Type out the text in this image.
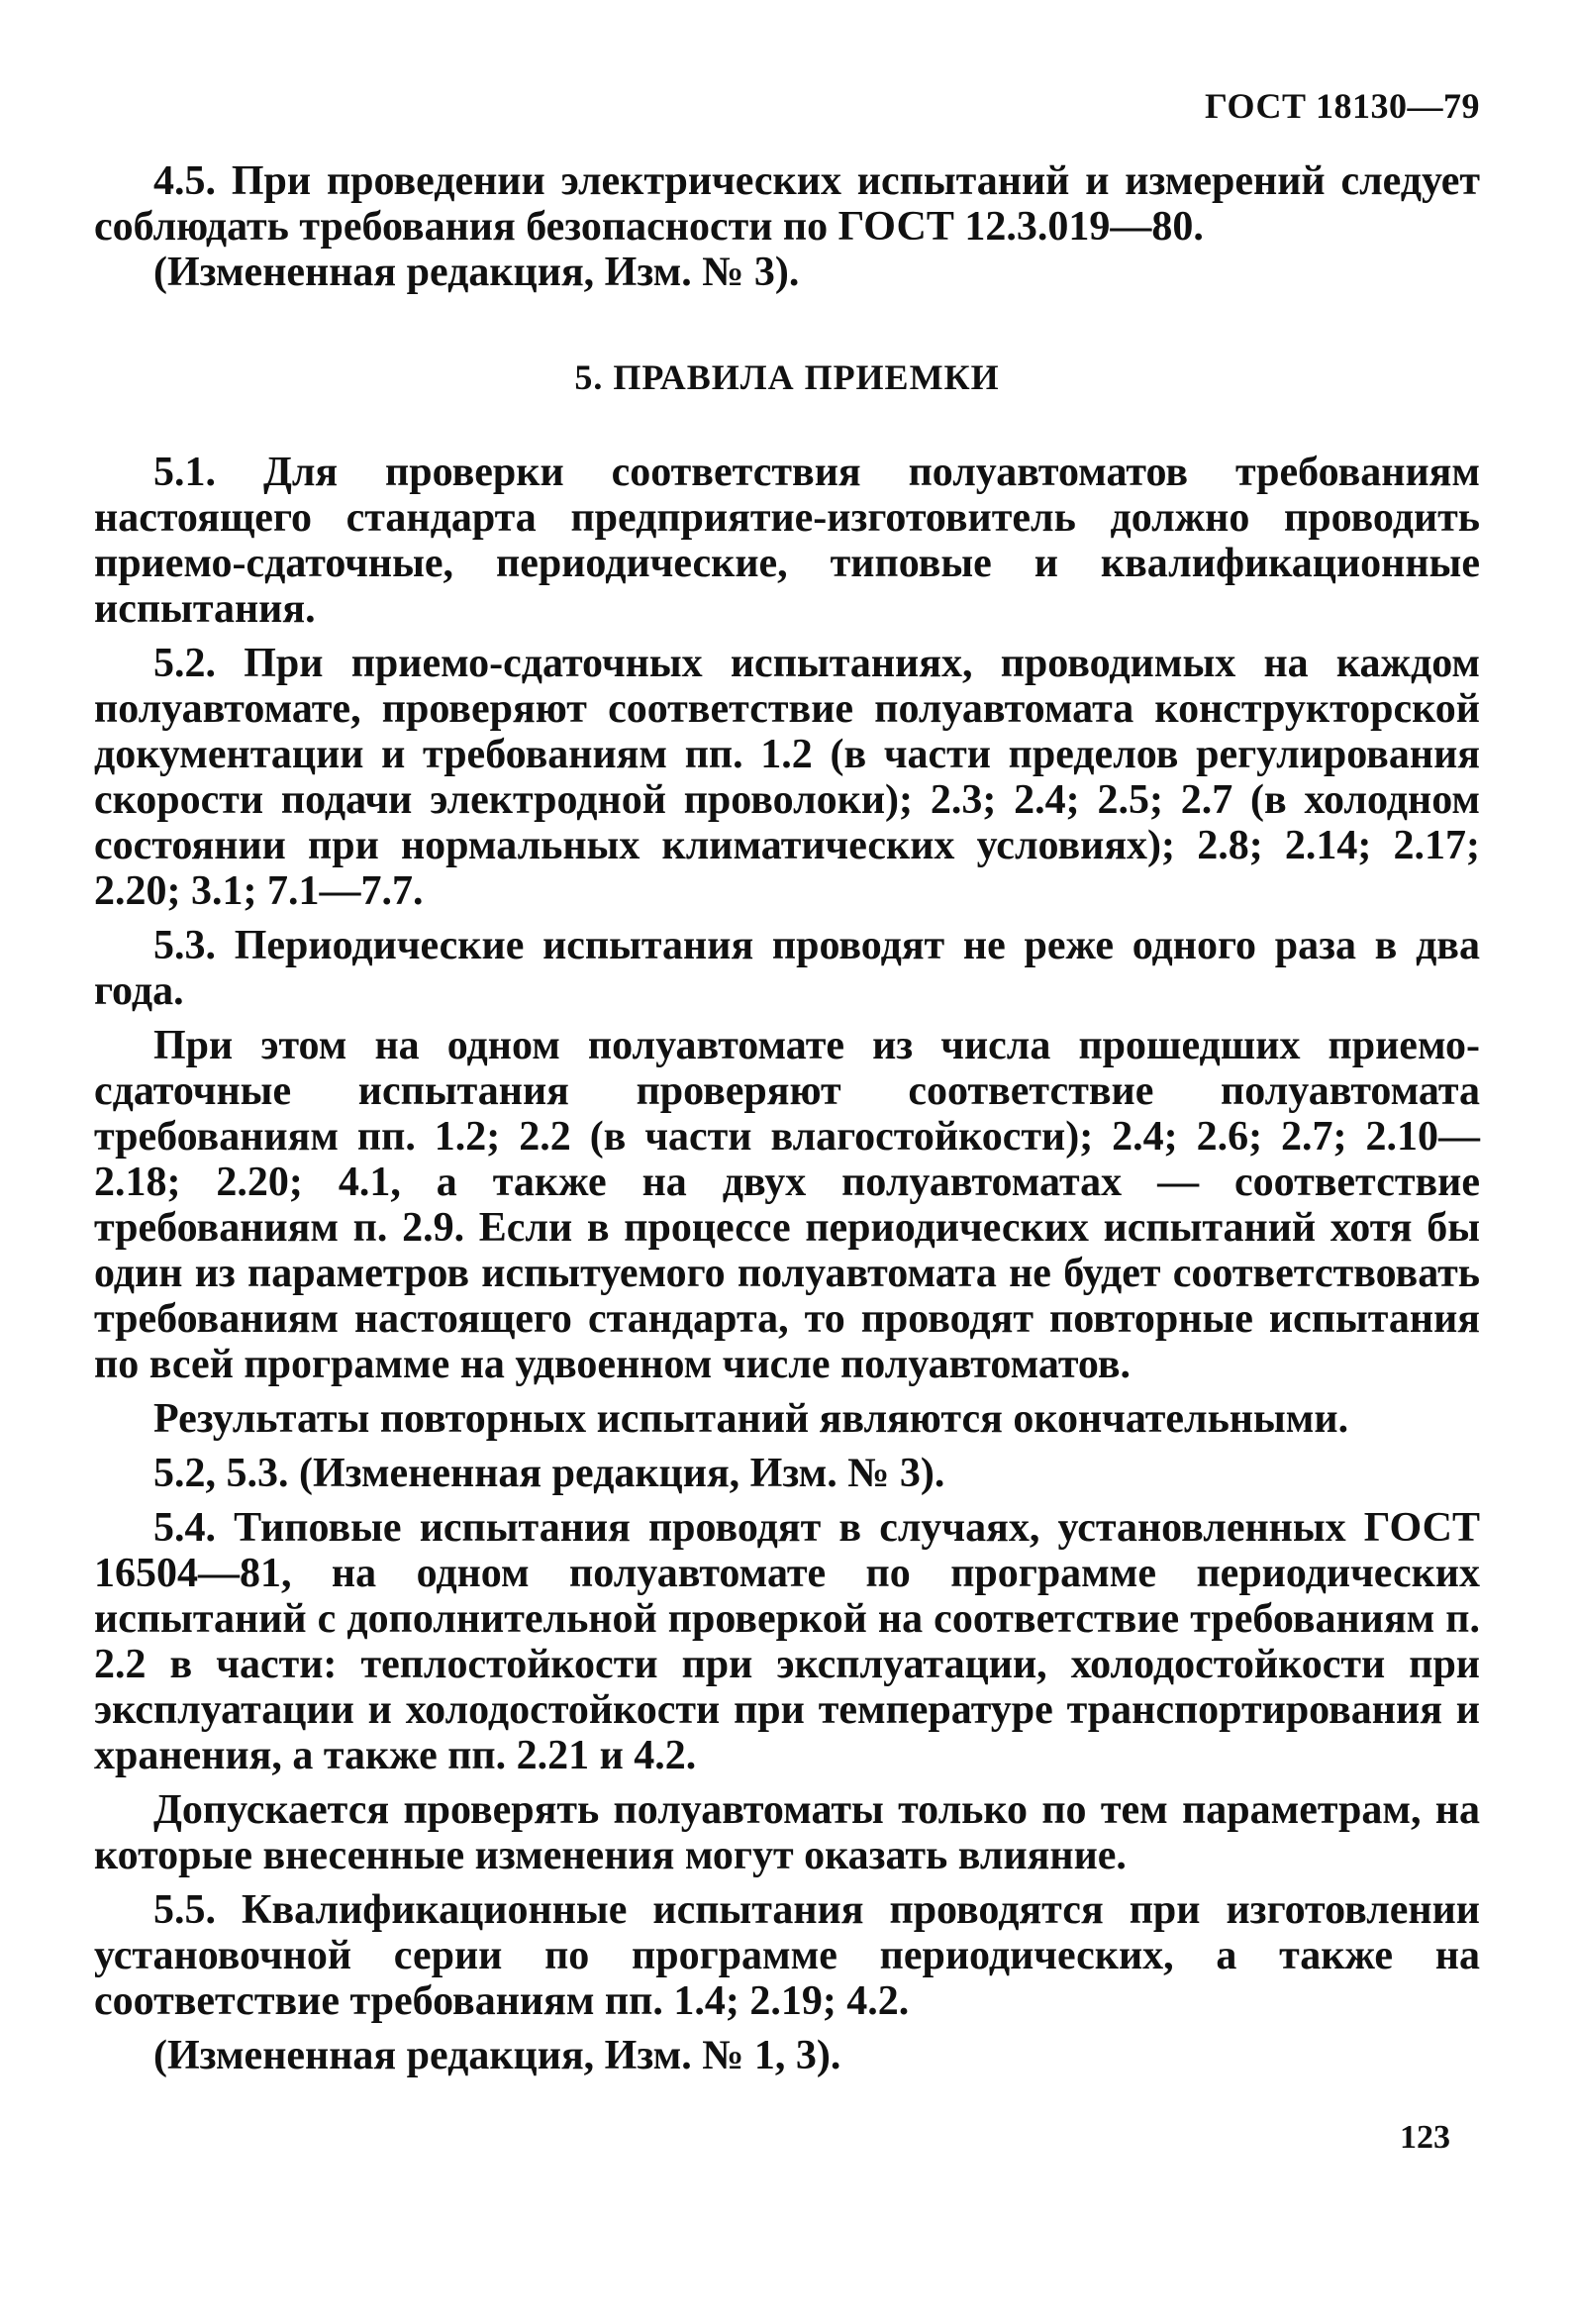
ГОСТ 18130—79

4.5. При проведении электрических испытаний и измерений следует соблюдать требования безопасности по ГОСТ 12.3.019—80.

(Измененная редакция, Изм. № 3).

5. ПРАВИЛА ПРИЕМКИ

5.1. Для проверки соответствия полуавтоматов требованиям настоящего стандарта предприятие-изготовитель должно проводить приемо-сдаточные, периодические, типовые и квалификационные испытания.

5.2. При приемо-сдаточных испытаниях, проводимых на каждом полуавтомате, проверяют соответствие полуавтомата конструкторской документации и требованиям пп. 1.2 (в части пределов регулирования скорости подачи электродной проволоки); 2.3; 2.4; 2.5; 2.7 (в холодном состоянии при нормальных климатических условиях); 2.8; 2.14; 2.17; 2.20; 3.1; 7.1—7.7.

5.3. Периодические испытания проводят не реже одного раза в два года.

При этом на одном полуавтомате из числа прошедших приемо-сдаточные испытания проверяют соответствие полуавтомата требованиям пп. 1.2; 2.2 (в части влагостойкости); 2.4; 2.6; 2.7; 2.10—2.18; 2.20; 4.1, а также на двух полуавтоматах — соответствие требованиям п. 2.9. Если в процессе периодических испытаний хотя бы один из параметров испытуемого полуавтомата не будет соответствовать требованиям настоящего стандарта, то проводят повторные испытания по всей программе на удвоенном числе полуавтоматов.

Результаты повторных испытаний являются окончательными.

5.2, 5.3. (Измененная редакция, Изм. № 3).

5.4. Типовые испытания проводят в случаях, установленных ГОСТ 16504—81, на одном полуавтомате по программе периодических испытаний с дополнительной проверкой на соответствие требованиям п. 2.2 в части: теплостойкости при эксплуатации, холодостойкости при эксплуатации и холодостойкости при температуре транспортирования и хранения, а также пп. 2.21 и 4.2.

Допускается проверять полуавтоматы только по тем параметрам, на которые внесенные изменения могут оказать влияние.

5.5. Квалификационные испытания проводятся при изготовлении установочной серии по программе периодических, а также на соответствие требованиям пп. 1.4; 2.19; 4.2.

(Измененная редакция, Изм. № 1, 3).

123
